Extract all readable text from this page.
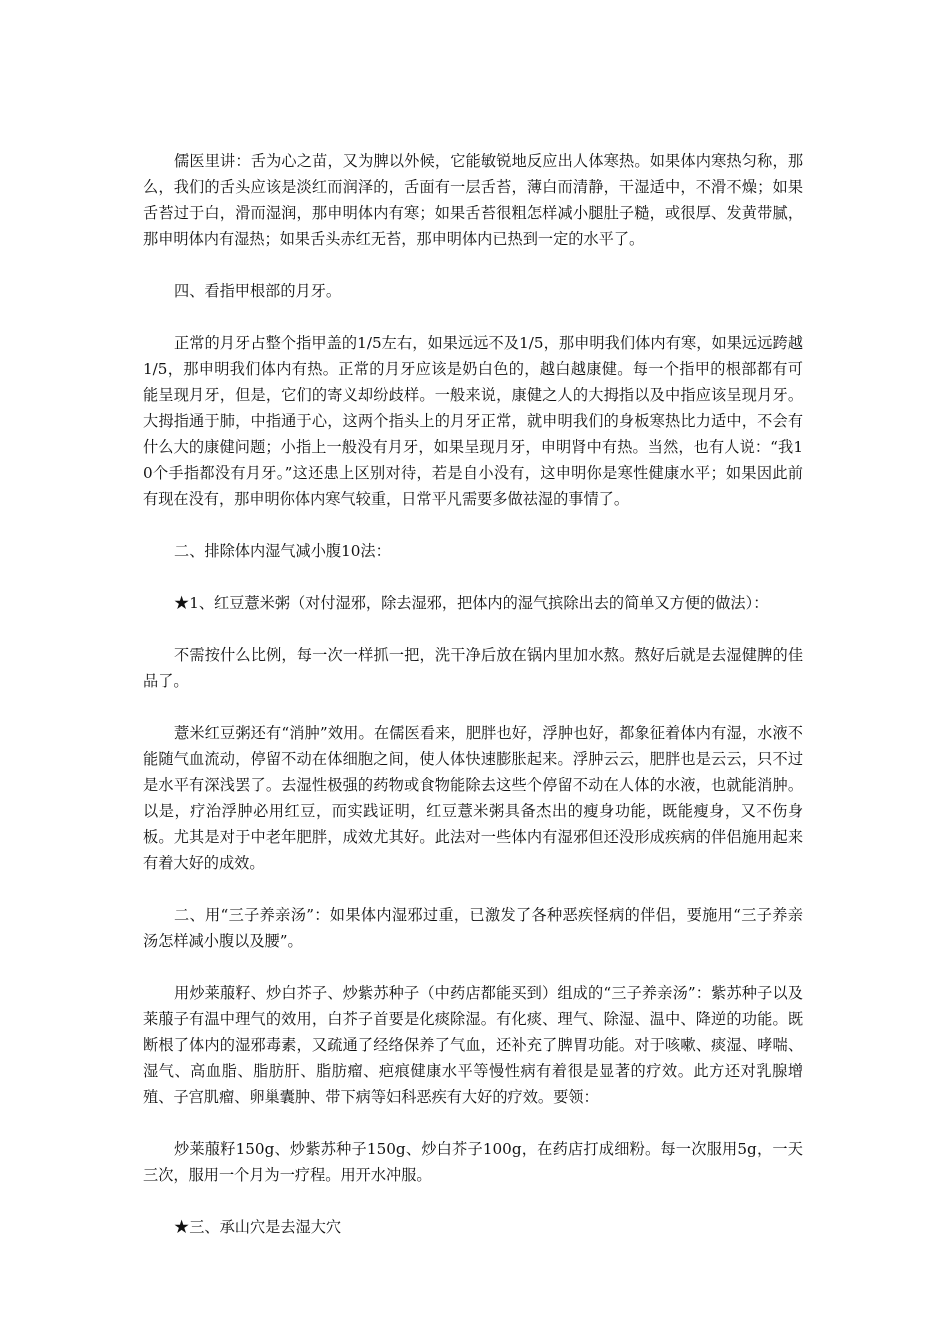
儒医里讲：舌为心之苗，又为脾以外候，它能敏锐地反应出人体寒热。如果体内寒热匀称，那么，我们的舌头应该是淡红而润泽的，舌面有一层舌苔，薄白而清静，干湿适中，不滑不燥；如果舌苔过于白，滑而湿润，那申明体内有寒；如果舌苔很粗怎样减小腿肚子糙，或很厚、发黄带腻，那申明体内有湿热；如果舌头赤红无苔，那申明体内已热到一定的水平了。

四、看指甲根部的月牙。

正常的月牙占整个指甲盖的1/5左右，如果远远不及1/5，那申明我们体内有寒，如果远远跨越1/5，那申明我们体内有热。正常的月牙应该是奶白色的，越白越康健。每一个指甲的根部都有可能呈现月牙，但是，它们的寄义却纷歧样。一般来说，康健之人的大拇指以及中指应该呈现月牙。大拇指通于肺，中指通于心，这两个指头上的月牙正常，就申明我们的身板寒热比力适中，不会有什么大的康健问题；小指上一般没有月牙，如果呈现月牙，申明肾中有热。当然，也有人说：“我10个手指都没有月牙。”这还患上区别对待，若是自小没有，这申明你是寒性健康水平；如果因此前有现在没有，那申明你体内寒气较重，日常平凡需要多做祛湿的事情了。

二、排除体内湿气减小腹10法：

★1、红豆薏米粥（对付湿邪，除去湿邪，把体内的湿气摈除出去的简单又方便的做法）：

不需按什么比例，每一次一样抓一把，洗干净后放在锅内里加水熬。熬好后就是去湿健脾的佳品了。

薏米红豆粥还有“消肿”效用。在儒医看来，肥胖也好，浮肿也好，都象征着体内有湿，水液不能随气血流动，停留不动在体细胞之间，使人体快速膨胀起来。浮肿云云，肥胖也是云云，只不过是水平有深浅罢了。去湿性极强的药物或食物能除去这些个停留不动在人体的水液，也就能消肿。以是，疗治浮肿必用红豆，而实践证明，红豆薏米粥具备杰出的瘦身功能，既能瘦身，又不伤身板。尤其是对于中老年肥胖，成效尤其好。此法对一些体内有湿邪但还没形成疾病的伴侣施用起来有着大好的成效。

二、用“三子养亲汤”：如果体内湿邪过重，已激发了各种恶疾怪病的伴侣，要施用“三子养亲汤怎样减小腹以及腰”。

用炒莱菔籽、炒白芥子、炒紫苏种子（中药店都能买到）组成的“三子养亲汤”：紫苏种子以及莱菔子有温中理气的效用，白芥子首要是化痰除湿。有化痰、理气、除湿、温中、降逆的功能。既断根了体内的湿邪毒素，又疏通了经络保养了气血，还补充了脾胃功能。对于咳嗽、痰湿、哮喘、湿气、高血脂、脂肪肝、脂肪瘤、疤痕健康水平等慢性病有着很是显著的疗效。此方还对乳腺增殖、子宫肌瘤、卵巢囊肿、带下病等妇科恶疾有大好的疗效。要领：

炒莱菔籽150g、炒紫苏种子150g、炒白芥子100g，在药店打成细粉。每一次服用5g，一天三次，服用一个月为一疗程。用开水冲服。

★三、承山穴是去湿大穴
